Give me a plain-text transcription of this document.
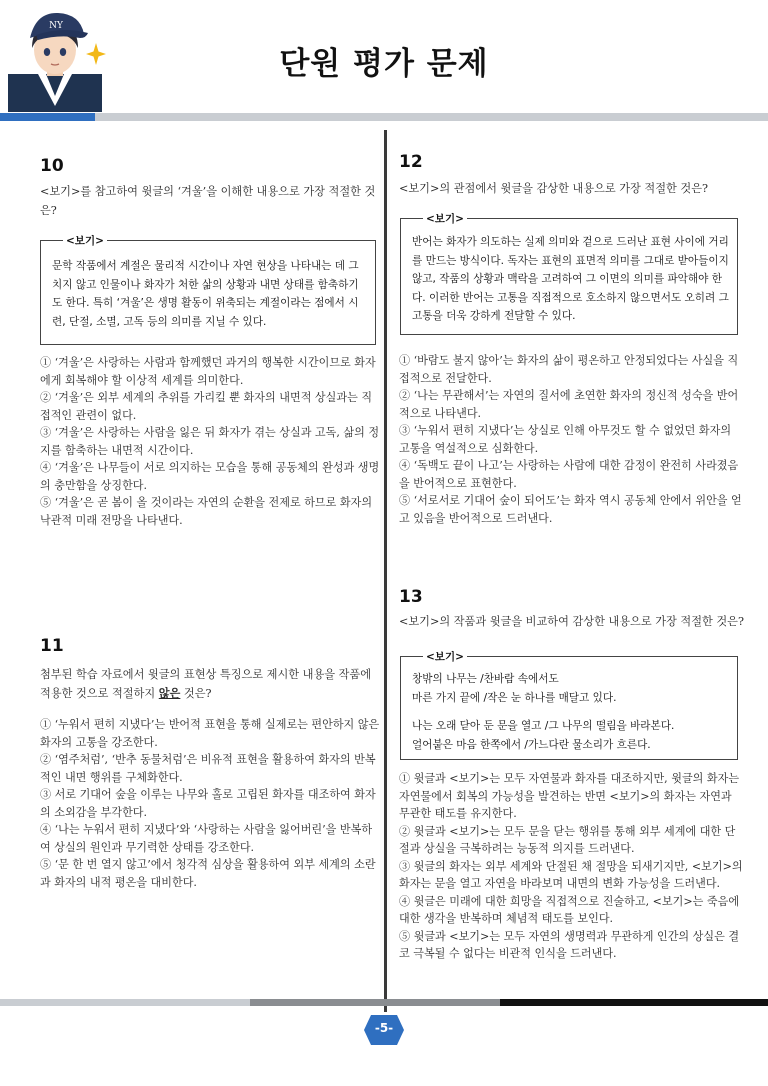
NY
단원 평가 문제
10
<보기>를 참고하여 윗글의 ‘겨울’을 이해한 내용으로 가장 적절한 것은?
<보기>
문학 작품에서 계절은 물리적 시간이나 자연 현상을 나타내는 데 그치지 않고 인물이나 화자가 처한 삶의 상황과 내면 상태를 함축하기도 한다. 특히 ‘겨울’은 생명 활동이 위축되는 계절이라는 점에서 시련, 단절, 소멸, 고독 등의 의미를 지닐 수 있다.

① ‘겨울’은 사랑하는 사람과 함께했던 과거의 행복한 시간이므로 화자에게 회복해야 할 이상적 세계를 의미한다.

② ‘겨울’은 외부 세계의 추위를 가리킬 뿐 화자의 내면적 상실과는 직접적인 관련이 없다.

③ ‘겨울’은 사랑하는 사람을 잃은 뒤 화자가 겪는 상실과 고독, 삶의 정지를 함축하는 내면적 시간이다.

④ ‘겨울’은 나무들이 서로 의지하는 모습을 통해 공동체의 완성과 생명의 충만함을 상징한다.

⑤ ‘겨울’은 곧 봄이 올 것이라는 자연의 순환을 전제로 하므로 화자의 낙관적 미래 전망을 나타낸다.

11
첨부된 학습 자료에서 윗글의 표현상 특징으로 제시한 내용을 작품에 적용한 것으로 적절하지 않은 것은?

① ‘누워서 편히 지냈다’는 반어적 표현을 통해 실제로는 편안하지 않은 화자의 고통을 강조한다.

② ‘염주처럼’, ‘반추 동물처럼’은 비유적 표현을 활용하여 화자의 반복적인 내면 행위를 구체화한다.

③ 서로 기대어 숲을 이루는 나무와 홀로 고립된 화자를 대조하여 화자의 소외감을 부각한다.

④ ‘나는 누워서 편히 지냈다’와 ‘사랑하는 사람을 잃어버린’을 반복하여 상실의 원인과 무기력한 상태를 강조한다.

⑤ ‘문 한 번 열지 않고’에서 청각적 심상을 활용하여 외부 세계의 소란과 화자의 내적 평온을 대비한다.

12
<보기>의 관점에서 윗글을 감상한 내용으로 가장 적절한 것은?
<보기>
반어는 화자가 의도하는 실제 의미와 겉으로 드러난 표현 사이에 거리를 만드는 방식이다. 독자는 표현의 표면적 의미를 그대로 받아들이지 않고, 작품의 상황과 맥락을 고려하여 그 이면의 의미를 파악해야 한다. 이러한 반어는 고통을 직접적으로 호소하지 않으면서도 오히려 그 고통을 더욱 강하게 전달할 수 있다.

① ‘바람도 불지 않아’는 화자의 삶이 평온하고 안정되었다는 사실을 직접적으로 전달한다.

② ‘나는 무관해서’는 자연의 질서에 초연한 화자의 정신적 성숙을 반어적으로 나타낸다.

③ ‘누워서 편히 지냈다’는 상실로 인해 아무것도 할 수 없었던 화자의 고통을 역설적으로 심화한다.

④ ‘독백도 끝이 나고’는 사랑하는 사람에 대한 감정이 완전히 사라졌음을 반어적으로 표현한다.

⑤ ‘서로서로 기대어 숲이 되어도’는 화자 역시 공동체 안에서 위안을 얻고 있음을 반어적으로 드러낸다.

13
<보기>의 작품과 윗글을 비교하여 감상한 내용으로 가장 적절한 것은?
<보기>

창밖의 나무는 /찬바람 속에서도

마른 가지 끝에 /작은 눈 하나를 매달고 있다.

나는 오래 닫아 둔 문을 열고 /그 나무의 떨림을 바라본다.

얼어붙은 마음 한쪽에서 /가느다란 물소리가 흐른다.

① 윗글과 <보기>는 모두 자연물과 화자를 대조하지만, 윗글의 화자는 자연물에서 회복의 가능성을 발견하는 반면 <보기>의 화자는 자연과 무관한 태도를 유지한다.

② 윗글과 <보기>는 모두 문을 닫는 행위를 통해 외부 세계에 대한 단절과 상실을 극복하려는 능동적 의지를 드러낸다.

③ 윗글의 화자는 외부 세계와 단절된 채 절망을 되새기지만, <보기>의 화자는 문을 열고 자연을 바라보며 내면의 변화 가능성을 드러낸다.

④ 윗글은 미래에 대한 희망을 직접적으로 진술하고, <보기>는 죽음에 대한 생각을 반복하며 체념적 태도를 보인다.

⑤ 윗글과 <보기>는 모두 자연의 생명력과 무관하게 인간의 상실은 결코 극복될 수 없다는 비관적 인식을 드러낸다.

-5-
